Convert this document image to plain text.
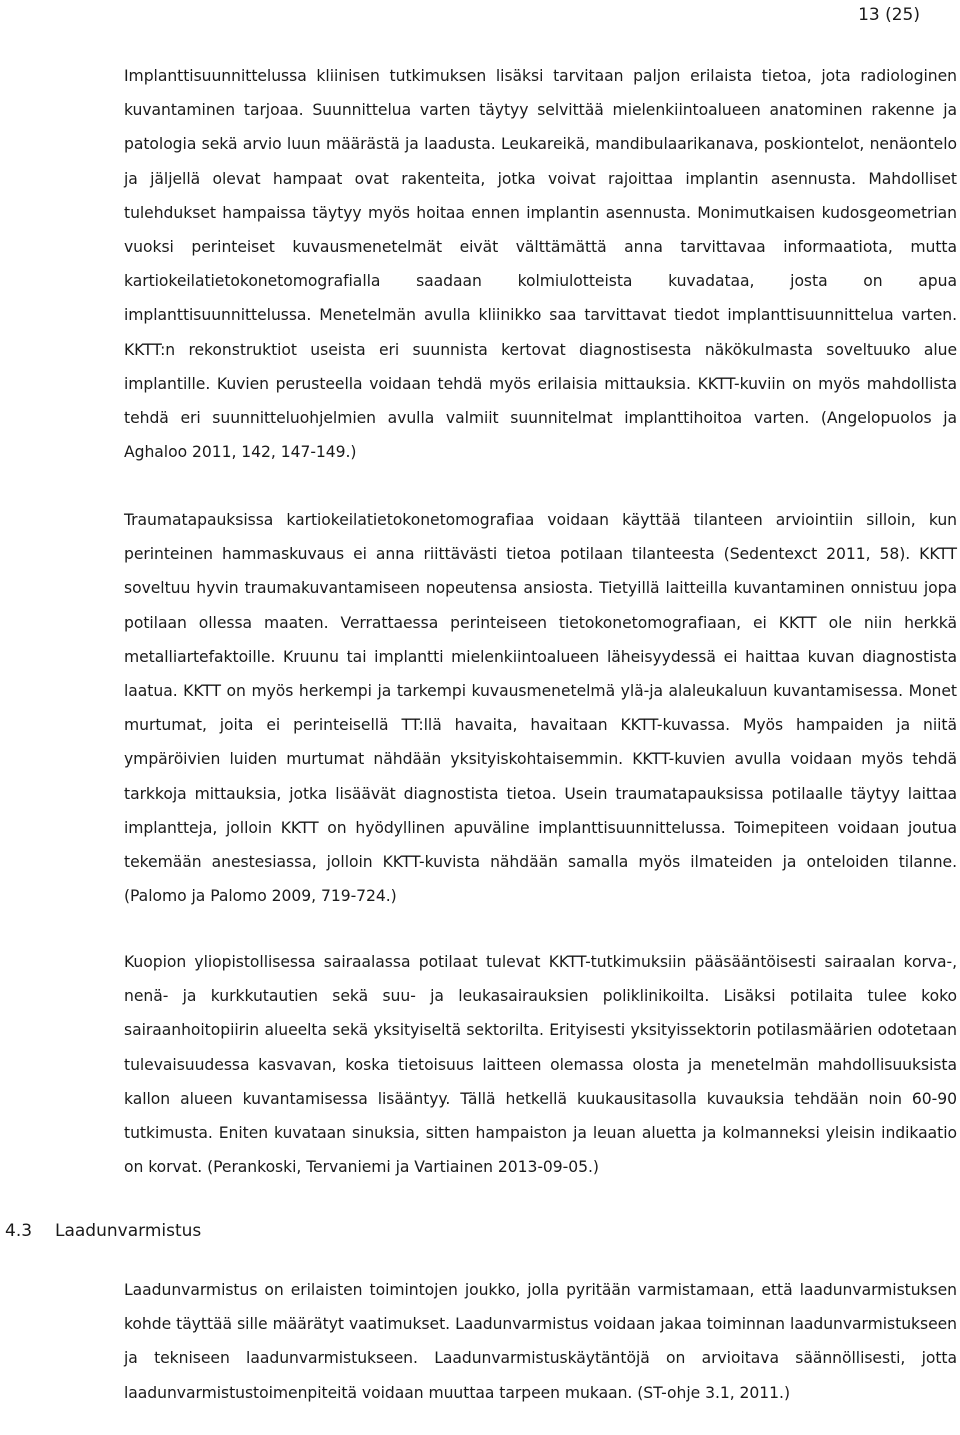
13 (25)

Implanttisuunnittelussa kliinisen tutkimuksen lisäksi tarvitaan paljon erilaista tietoa, jota radiologinen kuvantaminen tarjoaa. Suunnittelua varten täytyy selvittää mielenkiintoalueen anatominen rakenne ja patologia sekä arvio luun määrästä ja laadusta. Leukareikä, mandibulaarikanava, poskiontelot, nenäontelo ja jäljellä olevat hampaat ovat rakenteita, jotka voivat rajoittaa implantin asennusta. Mahdolliset tulehdukset hampaissa täytyy myös hoitaa ennen implantin asennusta. Monimutkaisen kudosgeometrian vuoksi perinteiset kuvausmenetelmät eivät välttämättä anna tarvittavaa informaatiota, mutta kartiokeilatietokonetomografialla saadaan kolmiulotteista kuvadataa, josta on apua implanttisuunnittelussa. Menetelmän avulla kliinikko saa tarvittavat tiedot implanttisuunnittelua varten. KKTT:n rekonstruktiot useista eri suunnista kertovat diagnostisesta näkökulmasta soveltuuko alue implantille. Kuvien perusteella voidaan tehdä myös erilaisia mittauksia. KKTT-kuviin on myös mahdollista tehdä eri suunnitteluohjelmien avulla valmiit suunnitelmat implanttihoitoa varten. (Angelopuolos ja Aghaloo 2011, 142, 147-149.)

Traumatapauksissa kartiokeilatietokonetomografiaa voidaan käyttää tilanteen arviointiin silloin, kun perinteinen hammaskuvaus ei anna riittävästi tietoa potilaan tilanteesta (Sedentexct 2011, 58). KKTT soveltuu hyvin traumakuvantamiseen nopeutensa ansiosta. Tietyillä laitteilla kuvantaminen onnistuu jopa potilaan ollessa maaten. Verrattaessa perinteiseen tietokonetomografiaan, ei KKTT ole niin herkkä metalliartefaktoille. Kruunu tai implantti mielenkiintoalueen läheisyydessä ei haittaa kuvan diagnostista laatua. KKTT on myös herkempi ja tarkempi kuvausmenetelmä ylä-ja alaleukaluun kuvantamisessa. Monet murtumat, joita ei perinteisellä TT:llä havaita, havaitaan KKTT-kuvassa. Myös hampaiden ja niitä ympäröivien luiden murtumat nähdään yksityiskohtaisemmin. KKTT-kuvien avulla voidaan myös tehdä tarkkoja mittauksia, jotka lisäävät diagnostista tietoa. Usein traumatapauksissa potilaalle täytyy laittaa implantteja, jolloin KKTT on hyödyllinen apuväline implanttisuunnittelussa. Toimepiteen voidaan joutua tekemään anestesiassa, jolloin KKTT-kuvista nähdään samalla myös ilmateiden ja onteloiden tilanne. (Palomo ja Palomo 2009, 719-724.)

Kuopion yliopistollisessa sairaalassa potilaat tulevat KKTT-tutkimuksiin pääsääntöisesti sairaalan korva-, nenä- ja kurkkutautien sekä suu- ja leukasairauksien poliklinikoilta. Lisäksi potilaita tulee koko sairaanhoitopiirin alueelta sekä yksityiseltä sektorilta. Erityisesti yksityissektorin potilasmäärien odotetaan tulevaisuudessa kasvavan, koska tietoisuus laitteen olemassa olosta ja menetelmän mahdollisuuksista kallon alueen kuvantamisessa lisääntyy. Tällä hetkellä kuukausitasolla kuvauksia tehdään noin 60-90 tutkimusta. Eniten kuvataan sinuksia, sitten hampaiston ja leuan aluetta ja kolmanneksi yleisin indikaatio on korvat. (Perankoski, Tervaniemi ja Vartiainen 2013-09-05.)

4.3 Laadunvarmistus

Laadunvarmistus on erilaisten toimintojen joukko, jolla pyritään varmistamaan, että laadunvarmistuksen kohde täyttää sille määrätyt vaatimukset. Laadunvarmistus voidaan jakaa toiminnan laadunvarmistukseen ja tekniseen laadunvarmistukseen. Laadunvarmistuskäytäntöjä on arvioitava säännöllisesti, jotta laadunvarmistustoimenpiteitä voidaan muuttaa tarpeen mukaan. (ST-ohje 3.1, 2011.)
